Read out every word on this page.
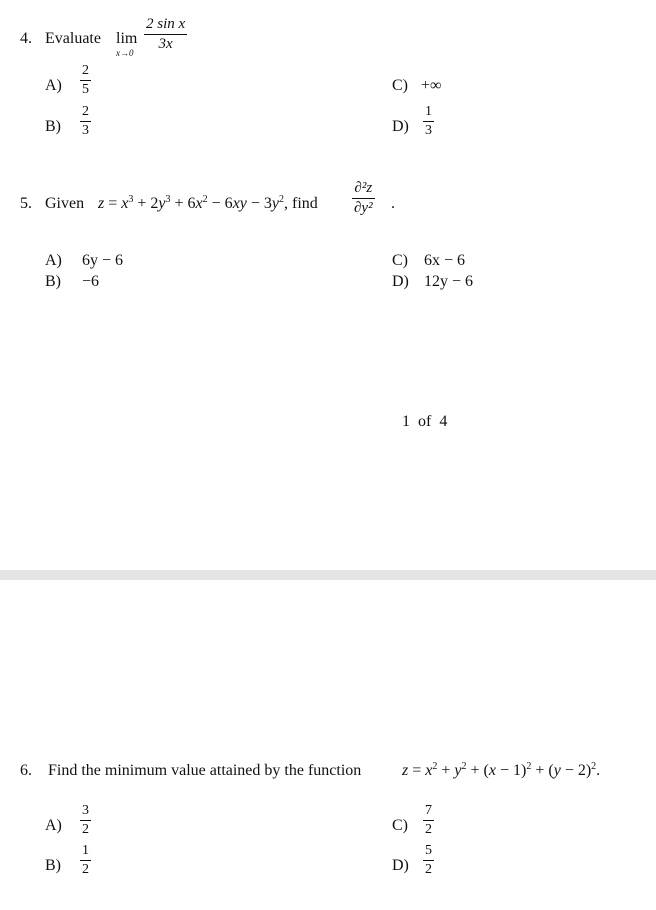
4. Evaluate lim
x→0
2 sin x
3x
A)
2
5
B)
2
3
C) +∞
D)
1
3
5. Given $z = x^3 + 2y^3 + 6x^2 - 6xy - 3y^2$, find
∂²z
∂y² .
A) 6y − 6
B) −6
C) 6x − 6
D) 12y − 6
1  of  4
6. Find the minimum value attained by the function	$z = x^2 + y^2 + (x - 1)^2 + (y - 2)^2$.
A)
3
2
B)
1
2
C)
7
2
D)
5
2
